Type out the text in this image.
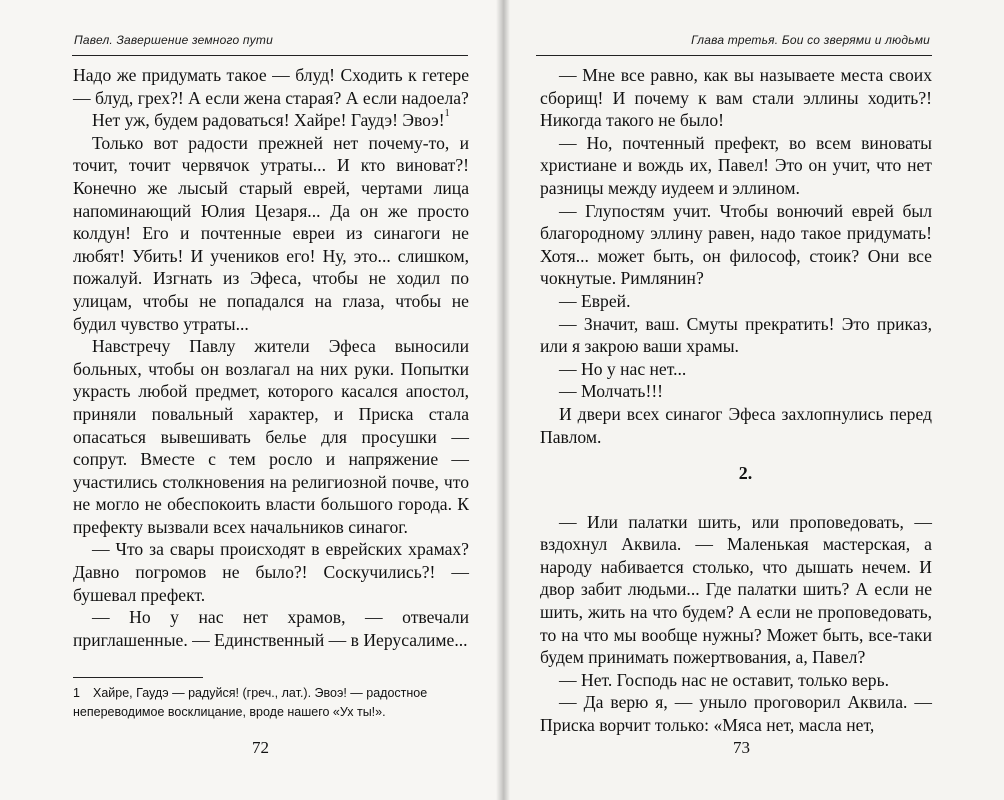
Павел. Завершение земного пути

Надо же придумать такое — блуд! Сходить к гетере — блуд, грех?! А если жена старая? А если надоела?

Нет уж, будем радоваться! Хайре! Гаудэ! Эвоэ!$^1$

Только вот радости прежней нет почему-то, и точит, точит червячок утраты... И кто виноват?! Конечно же лысый старый еврей, чертами лица напоминающий Юлия Цезаря... Да он же просто колдун! Его и почтенные евреи из синагоги не любят! Убить! И учеников его! Ну, это... слишком, пожалуй. Изгнать из Эфеса, чтобы не ходил по улицам, чтобы не попадался на глаза, чтобы не будил чувство утраты...

Навстречу Павлу жители Эфеса выносили больных, чтобы он возлагал на них руки. Попытки украсть любой предмет, которого касался апостол, приняли повальный характер, и Приска стала опасаться вывешивать белье для просушки — сопрут. Вместе с тем росло и напряжение — участились столкновения на религиозной почве, что не могло не обеспокоить власти большого города. К префекту вызвали всех начальников синагог.

— Что за свары происходят в еврейских храмах? Давно погромов не было?! Соскучились?! — бушевал префект.

— Но у нас нет храмов, — отвечали приглашенные. — Единственный — в Иерусалиме...

1 Хайре, Гаудэ — радуйся! (греч., лат.). Эвоэ! — радостное непереводимое восклицание, вроде нашего «Ух ты!».
72
Глава третья. Бои со зверями и людьми

— Мне все равно, как вы называете места своих сборищ! И почему к вам стали эллины ходить?! Никогда такого не было!

— Но, почтенный префект, во всем виноваты христиане и вождь их, Павел! Это он учит, что нет разницы между иудеем и эллином.

— Глупостям учит. Чтобы вонючий еврей был благородному эллину равен, надо такое придумать! Хотя... может быть, он философ, стоик? Они все чокнутые. Римлянин?

— Еврей.

— Значит, ваш. Смуты прекратить! Это приказ, или я закрою ваши храмы.

— Но у нас нет...

— Молчать!!!

И двери всех синагог Эфеса захлопнулись перед Павлом.

2.

— Или палатки шить, или проповедовать, — вздохнул Аквила. — Маленькая мастерская, а народу набивается столько, что дышать нечем. И двор забит людьми... Где палатки шить? А если не шить, жить на что будем? А если не проповедовать, то на что мы вообще нужны? Может быть, все-таки будем принимать пожертвования, а, Павел?

— Нет. Господь нас не оставит, только верь.

— Да верю я, — уныло проговорил Аквила. — Приска ворчит только: «Мяса нет, масла нет,

73
